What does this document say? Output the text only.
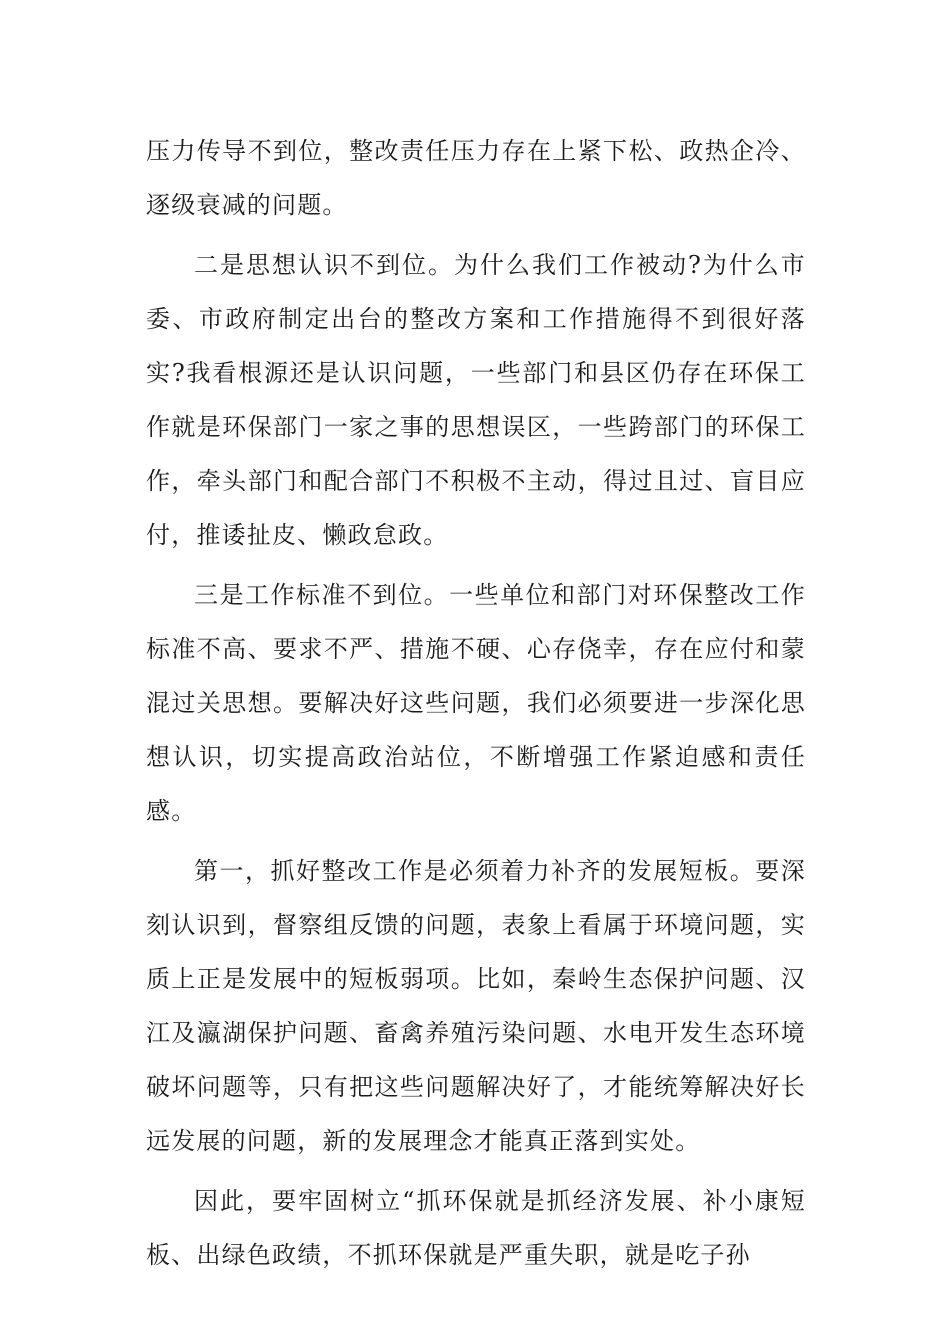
压力传导不到位，整改责任压力存在上紧下松、政热企冷、逐级衰减的问题。

二是思想认识不到位。为什么我们工作被动?为什么市委、市政府制定出台的整改方案和工作措施得不到很好落实?我看根源还是认识问题，一些部门和县区仍存在环保工作就是环保部门一家之事的思想误区，一些跨部门的环保工作，牵头部门和配合部门不积极不主动，得过且过、盲目应付，推诿扯皮、懒政怠政。

三是工作标准不到位。一些单位和部门对环保整改工作标准不高、要求不严、措施不硬、心存侥幸，存在应付和蒙混过关思想。要解决好这些问题，我们必须要进一步深化思想认识，切实提高政治站位，不断增强工作紧迫感和责任感。

第一，抓好整改工作是必须着力补齐的发展短板。要深刻认识到，督察组反馈的问题，表象上看属于环境问题，实质上正是发展中的短板弱项。比如，秦岭生态保护问题、汉江及瀛湖保护问题、畜禽养殖污染问题、水电开发生态环境破坏问题等，只有把这些问题解决好了，才能统筹解决好长远发展的问题，新的发展理念才能真正落到实处。

因此，要牢固树立“抓环保就是抓经济发展、补小康短板、出绿色政绩，不抓环保就是严重失职，就是吃子孙
